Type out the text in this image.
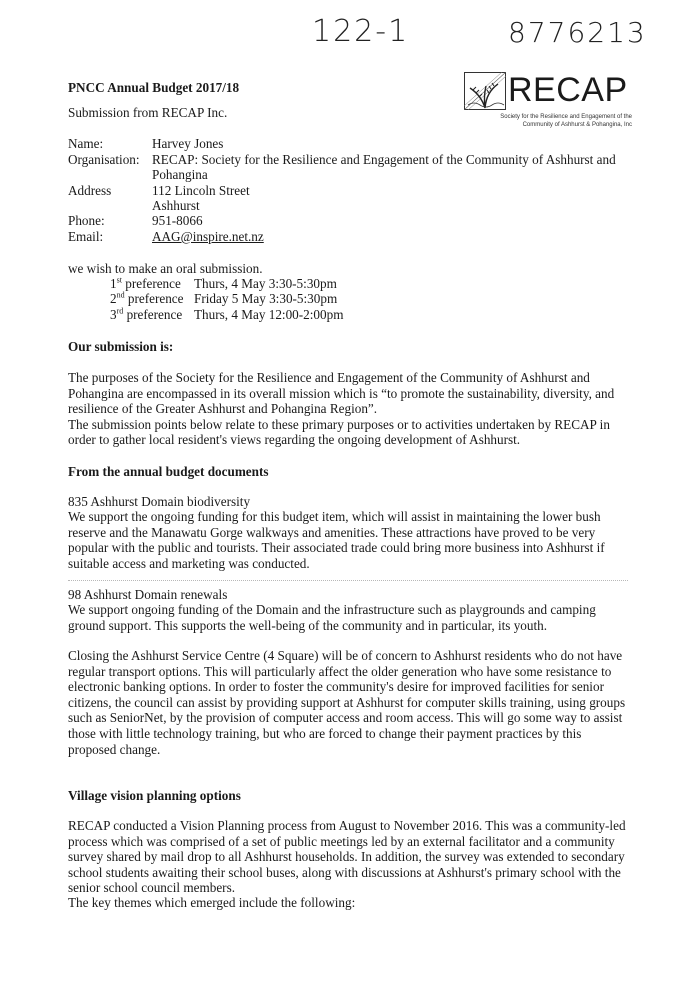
122-1	8776213
PNCC Annual Budget 2017/18
Submission from RECAP Inc.
RECAP
Society for the Resilience and Engagement of the
Community of Ashhurst & Pohangina, Inc
Name:	Harvey Jones
Organisation: RECAP: Society for the Resilience and Engagement of the Community of Ashhurst and
Pohangina
Address	112 Lincoln Street
Ashhurst
Phone:	951-8066
Email:	AAG@inspire.net.nz
we wish to make an oral submission.
1st preference Thurs, 4 May 3:30-5:30pm
2nd preference Friday 5 May 3:30-5:30pm
3rd preference Thurs, 4 May 12:00-2:00pm
Our submission is:

The purposes of the Society for the Resilience and Engagement of the Community of Ashhurst and Pohangina are encompassed in its overall mission which is “to promote the sustainability, diversity, and resilience of the Greater Ashhurst and Pohangina Region”.

The submission points below relate to these primary purposes or to activities undertaken by RECAP in order to gather local resident's views regarding the ongoing development of Ashhurst.

From the annual budget documents
835 Ashhurst Domain biodiversity
We support the ongoing funding for this budget item, which will assist in maintaining the lower bush reserve and the Manawatu Gorge walkways and amenities. These attractions have proved to be very popular with the public and tourists. Their associated trade could bring more business into Ashhurst if suitable access and marketing was conducted.
98 Ashhurst Domain renewals
We support ongoing funding of the Domain and the infrastructure such as playgrounds and camping ground support. This supports the well-being of the community and in particular, its youth.
Closing the Ashhurst Service Centre (4 Square) will be of concern to Ashhurst residents who do not have regular transport options. This will particularly affect the older generation who have some resistance to electronic banking options. In order to foster the community's desire for improved facilities for senior citizens, the council can assist by providing support at Ashhurst for computer skills training, using groups such as SeniorNet, by the provision of computer access and room access. This will go some way to assist those with little technology training, but who are forced to change their payment practices by this proposed change.
Village vision planning options
RECAP conducted a Vision Planning process from August to November 2016. This was a community-led process which was comprised of a set of public meetings led by an external facilitator and a community survey shared by mail drop to all Ashhurst households. In addition, the survey was extended to secondary school students awaiting their school buses, along with discussions at Ashhurst's primary school with the senior school council members.
The key themes which emerged include the following:
